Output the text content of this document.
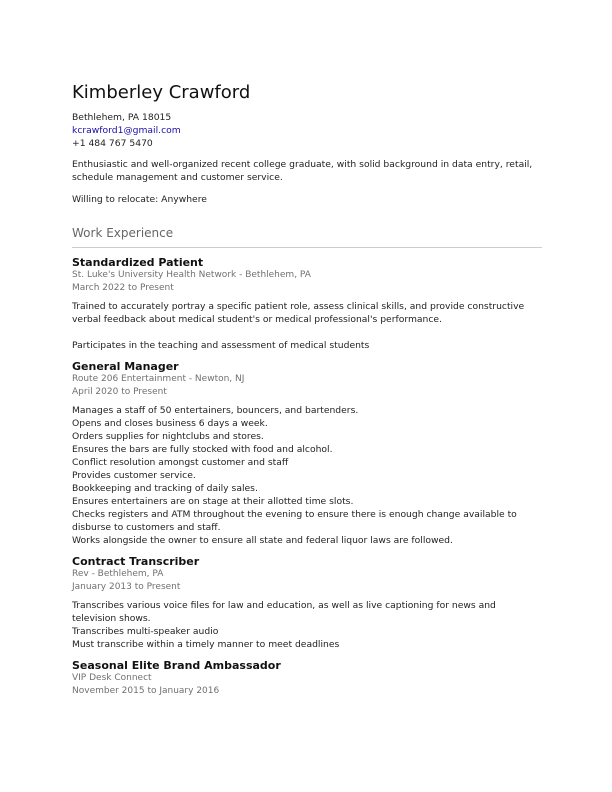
Kimberley Crawford
Bethlehem, PA 18015
kcrawford1@gmail.com
+1 484 767 5470
Enthusiastic and well-organized recent college graduate, with solid background in data entry, retail, schedule management and customer service.
Willing to relocate: Anywhere
Work Experience
Standardized Patient
St. Luke's University Health Network - Bethlehem, PA
March 2022 to Present
Trained to accurately portray a specific patient role, assess clinical skills, and provide constructive verbal feedback about medical student's or medical professional's performance.
Participates in the teaching and assessment of medical students
General Manager
Route 206 Entertainment - Newton, NJ
April 2020 to Present
Manages a staff of 50 entertainers, bouncers, and bartenders.
Opens and closes business 6 days a week.
Orders supplies for nightclubs and stores.
Ensures the bars are fully stocked with food and alcohol.
Conflict resolution amongst customer and staff
Provides customer service.
Bookkeeping and tracking of daily sales.
Ensures entertainers are on stage at their allotted time slots.
Checks registers and ATM throughout the evening to ensure there is enough change available to disburse to customers and staff.
Works alongside the owner to ensure all state and federal liquor laws are followed.
Contract Transcriber
Rev - Bethlehem, PA
January 2013 to Present
Transcribes various voice files for law and education, as well as live captioning for news and television shows.
Transcribes multi-speaker audio
Must transcribe within a timely manner to meet deadlines
Seasonal Elite Brand Ambassador
VIP Desk Connect
November 2015 to January 2016
